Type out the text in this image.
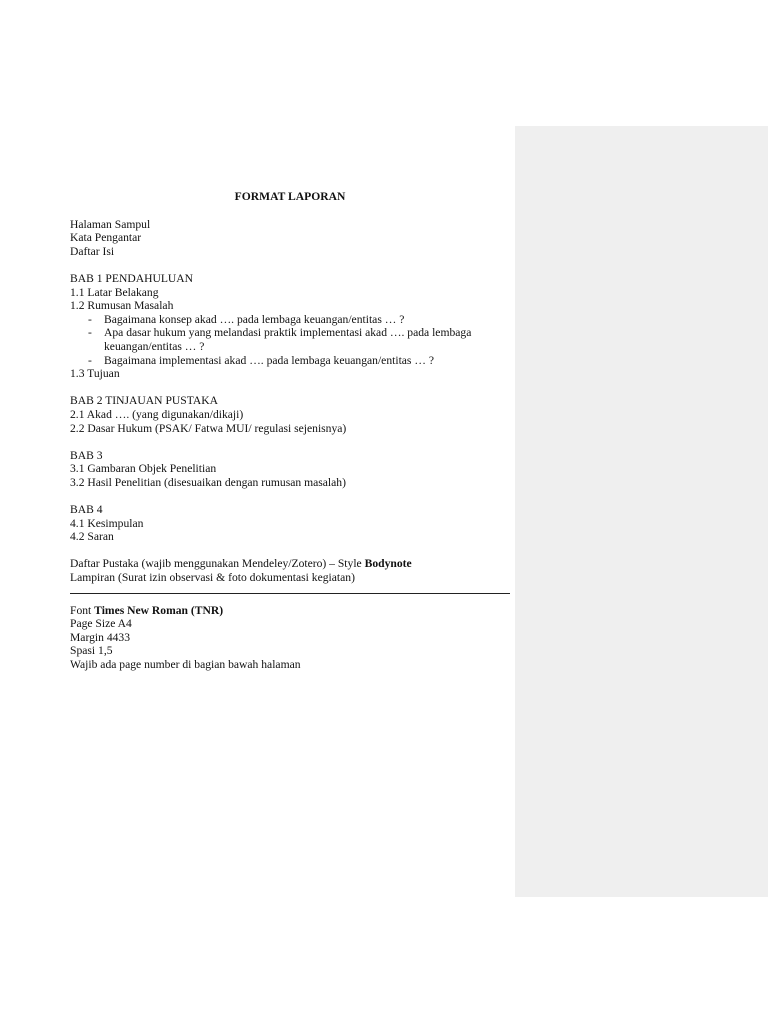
FORMAT LAPORAN

Halaman Sampul

Kata Pengantar

Daftar Isi

BAB 1 PENDAHULUAN

1.1 Latar Belakang

1.2 Rumusan Masalah

-	Bagaimana konsep akad …. pada lembaga keuangan/entitas … ?
-	Apa dasar hukum yang melandasi praktik implementasi akad …. pada lembaga keuangan/entitas … ?
-	Bagaimana implementasi akad …. pada lembaga keuangan/entitas … ?

1.3 Tujuan

BAB 2 TINJAUAN PUSTAKA

2.1 Akad …. (yang digunakan/dikaji)

2.2 Dasar Hukum (PSAK/ Fatwa MUI/ regulasi sejenisnya)

BAB 3

3.1 Gambaran Objek Penelitian

3.2 Hasil Penelitian (disesuaikan dengan rumusan masalah)

BAB 4

4.1 Kesimpulan

4.2 Saran

Daftar Pustaka (wajib menggunakan Mendeley/Zotero) – Style Bodynote

Lampiran (Surat izin observasi & foto dokumentasi kegiatan)

Font Times New Roman (TNR)

Page Size A4

Margin 4433

Spasi 1,5

Wajib ada page number di bagian bawah halaman
